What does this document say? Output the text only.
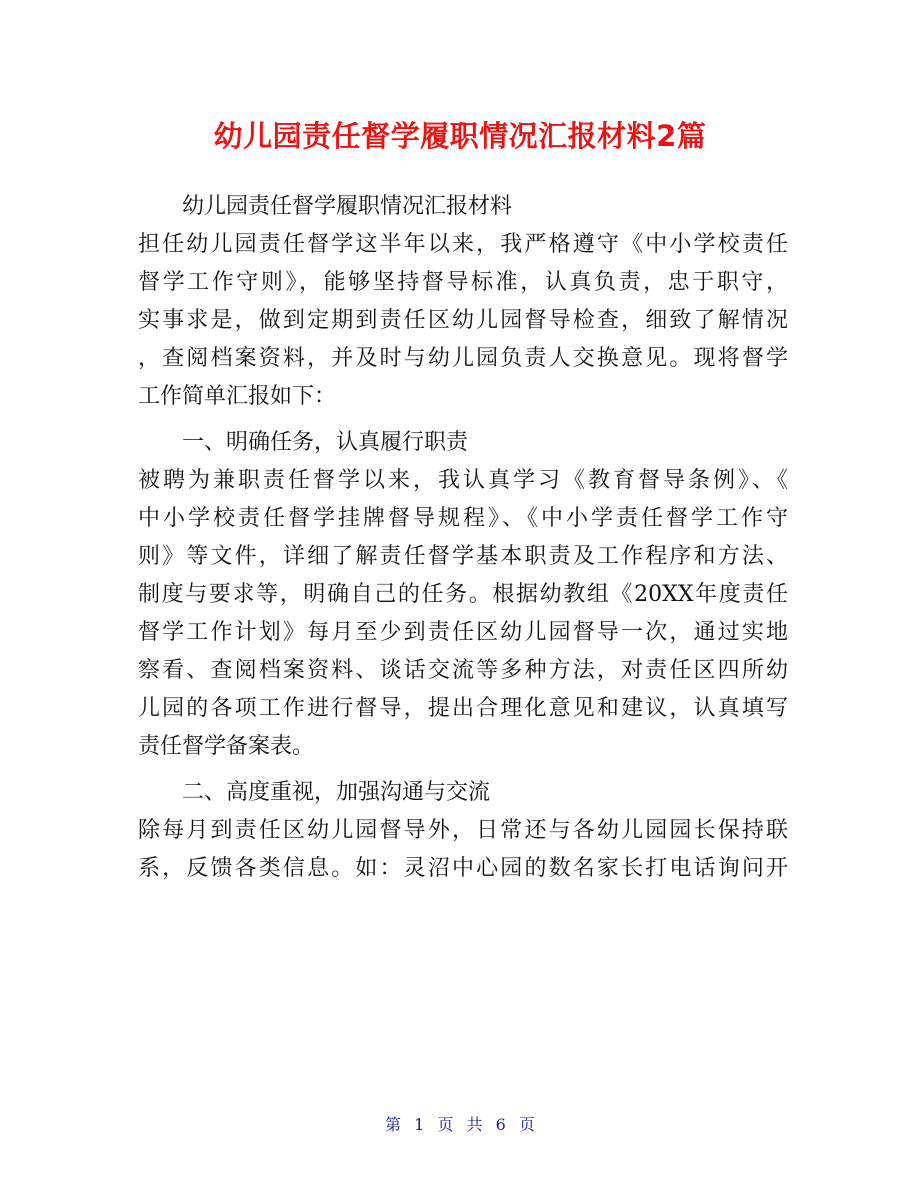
幼儿园责任督学履职情况汇报材料2篇
幼儿园责任督学履职情况汇报材料
担任幼儿园责任督学这半年以来，我严格遵守《中小学校责任
督学工作守则》，能够坚持督导标准，认真负责，忠于职守，
实事求是，做到定期到责任区幼儿园督导检查，细致了解情况
，查阅档案资料，并及时与幼儿园负责人交换意见。现将督学
工作简单汇报如下：
一、明确任务，认真履行职责
被聘为兼职责任督学以来，我认真学习《教育督导条例》、《
中小学校责任督学挂牌督导规程》、《中小学责任督学工作守
则》等文件，详细了解责任督学基本职责及工作程序和方法、
制度与要求等，明确自己的任务。根据幼教组《20XX年度责任
督学工作计划》每月至少到责任区幼儿园督导一次，通过实地
察看、查阅档案资料、谈话交流等多种方法，对责任区四所幼
儿园的各项工作进行督导，提出合理化意见和建议，认真填写
责任督学备案表。
二、高度重视，加强沟通与交流
除每月到责任区幼儿园督导外，日常还与各幼儿园园长保持联
系，反馈各类信息。如：灵沼中心园的数名家长打电话询问开
第 1 页 共 6 页
